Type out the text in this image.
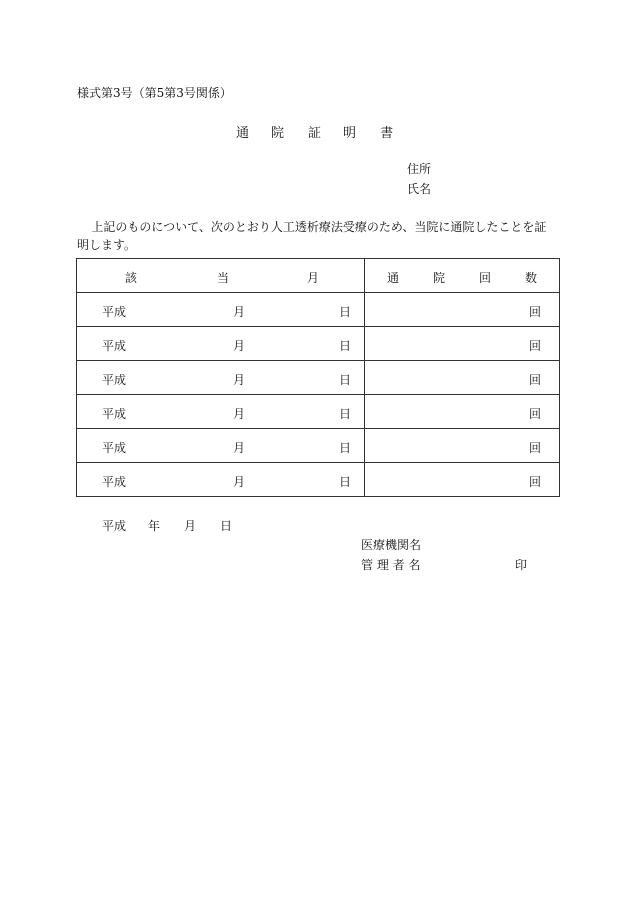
様式第3号（第5第3号関係）
通 院 証 明 書
住所
氏名
上記のものについて、次のとおり人工透析療法受療のため、当院に通院したことを証明します。
該 当 月	通 院 回 数

平成 月 日	回

平成 月 日	回

平成 月 日	回

平成 月 日	回

平成 月 日	回

平成 月 日	回
平成 年 月 日
医療機関名
管 理 者 名	印
